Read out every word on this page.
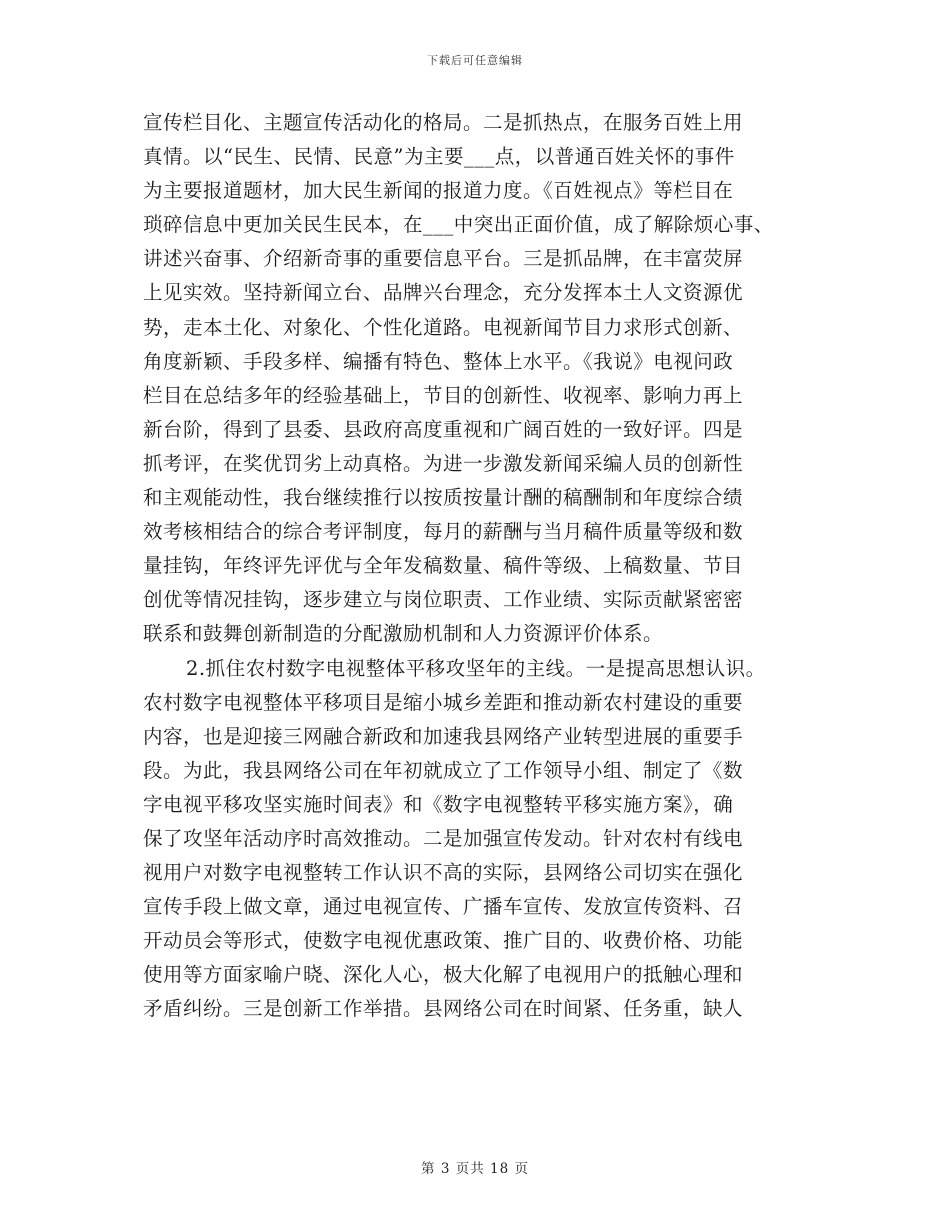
下载后可任意编辑
宣传栏目化、主题宣传活动化的格局。二是抓热点，在服务百姓上用
真情。以“民生、民情、民意”为主要___点，以普通百姓关怀的事件
为主要报道题材，加大民生新闻的报道力度。《百姓视点》等栏目在
琐碎信息中更加关民生民本，在___中突出正面价值，成了解除烦心事、
讲述兴奋事、介绍新奇事的重要信息平台。三是抓品牌，在丰富荧屏
上见实效。坚持新闻立台、品牌兴台理念，充分发挥本土人文资源优
势，走本土化、对象化、个性化道路。电视新闻节目力求形式创新、
角度新颖、手段多样、编播有特色、整体上水平。《我说》电视问政
栏目在总结多年的经验基础上，节目的创新性、收视率、影响力再上
新台阶，得到了县委、县政府高度重视和广阔百姓的一致好评。四是
抓考评，在奖优罚劣上动真格。为进一步激发新闻采编人员的创新性
和主观能动性，我台继续推行以按质按量计酬的稿酬制和年度综合绩
效考核相结合的综合考评制度，每月的薪酬与当月稿件质量等级和数
量挂钩，年终评先评优与全年发稿数量、稿件等级、上稿数量、节目
创优等情况挂钩，逐步建立与岗位职责、工作业绩、实际贡献紧密密
联系和鼓舞创新制造的分配激励机制和人力资源评价体系。
2.抓住农村数字电视整体平移攻坚年的主线。一是提高思想认识。
农村数字电视整体平移项目是缩小城乡差距和推动新农村建设的重要
内容，也是迎接三网融合新政和加速我县网络产业转型进展的重要手
段。为此，我县网络公司在年初就成立了工作领导小组、制定了《数
字电视平移攻坚实施时间表》和《数字电视整转平移实施方案》，确
保了攻坚年活动序时高效推动。二是加强宣传发动。针对农村有线电
视用户对数字电视整转工作认识不高的实际，县网络公司切实在强化
宣传手段上做文章，通过电视宣传、广播车宣传、发放宣传资料、召
开动员会等形式，使数字电视优惠政策、推广目的、收费价格、功能
使用等方面家喻户晓、深化人心，极大化解了电视用户的抵触心理和
矛盾纠纷。三是创新工作举措。县网络公司在时间紧、任务重，缺人
第 3 页共 18 页
